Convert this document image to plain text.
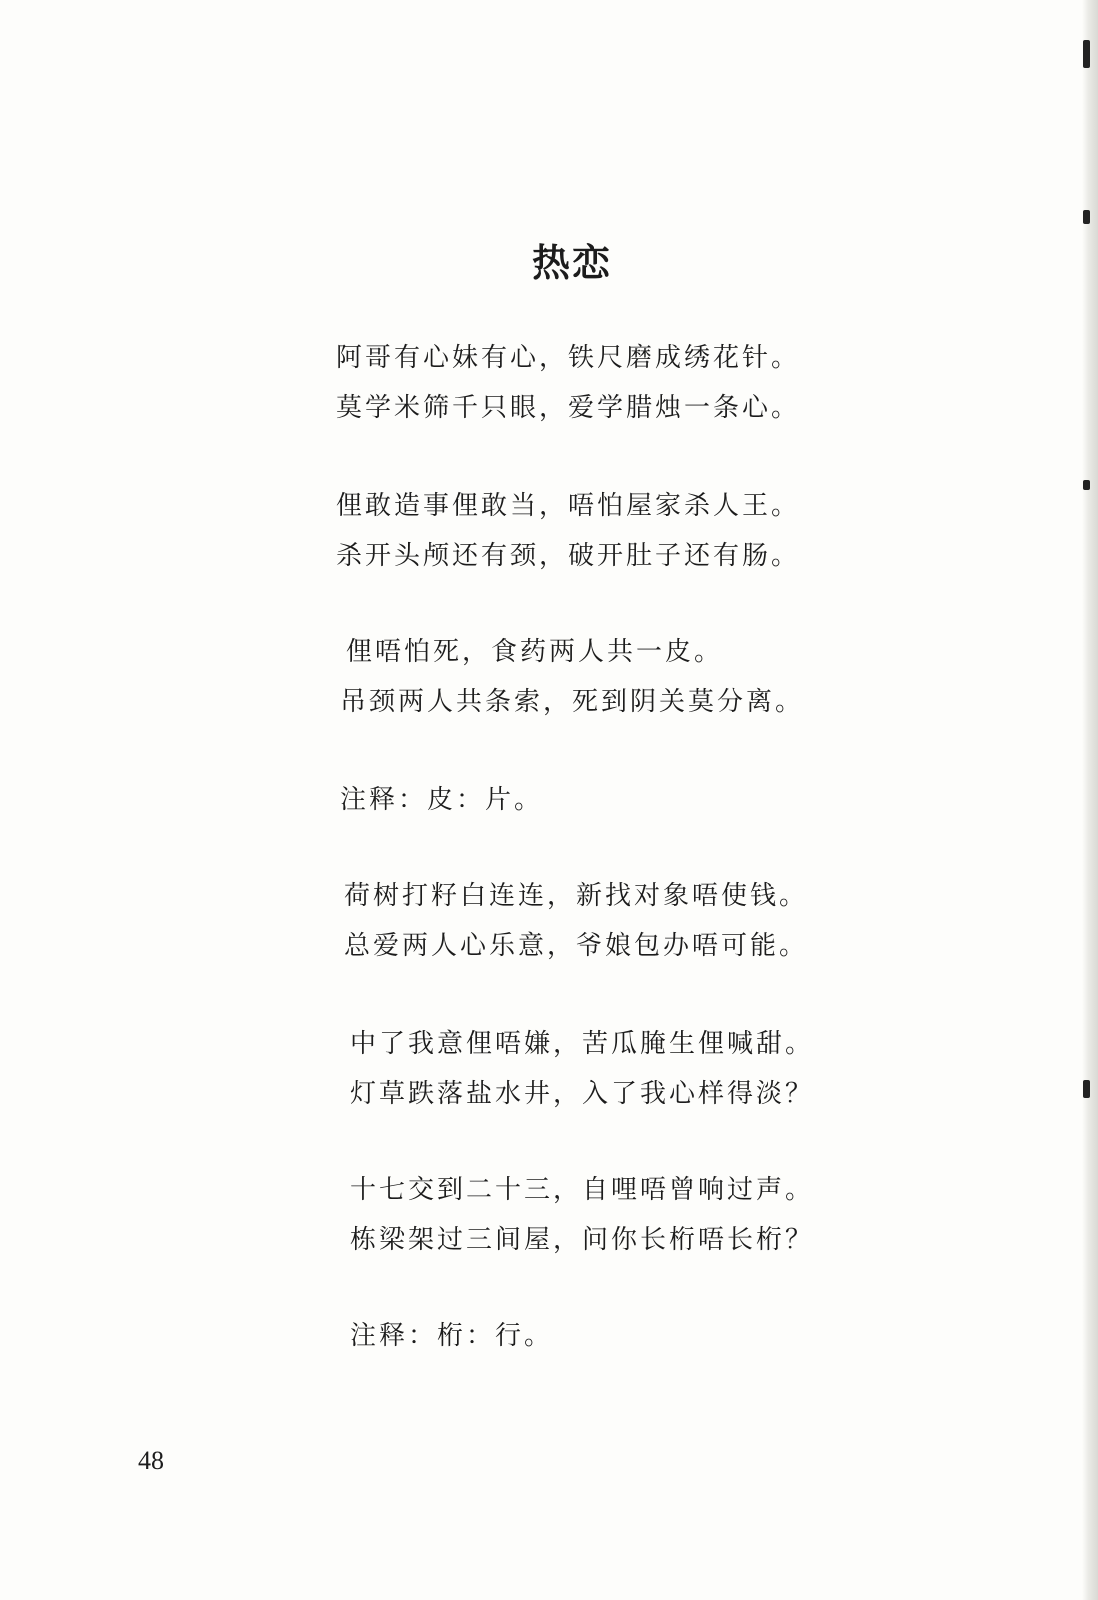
热恋
阿哥有心妹有心，铁尺磨成绣花针。
莫学米筛千只眼，爱学腊烛一条心。
俚敢造事俚敢当，唔怕屋家杀人王。
杀开头颅还有颈，破开肚子还有肠。
俚唔怕死，食药两人共一皮。
吊颈两人共条索，死到阴关莫分离。
注释：皮：片。
荷树打籽白连连，新找对象唔使钱。
总爱两人心乐意，爷娘包办唔可能。
中了我意俚唔嫌，苦瓜腌生俚喊甜。
灯草跌落盐水井，入了我心样得淡？
十七交到二十三，自哩唔曾响过声。
栋梁架过三间屋，问你长桁唔长桁？
注释：桁：行。
48
